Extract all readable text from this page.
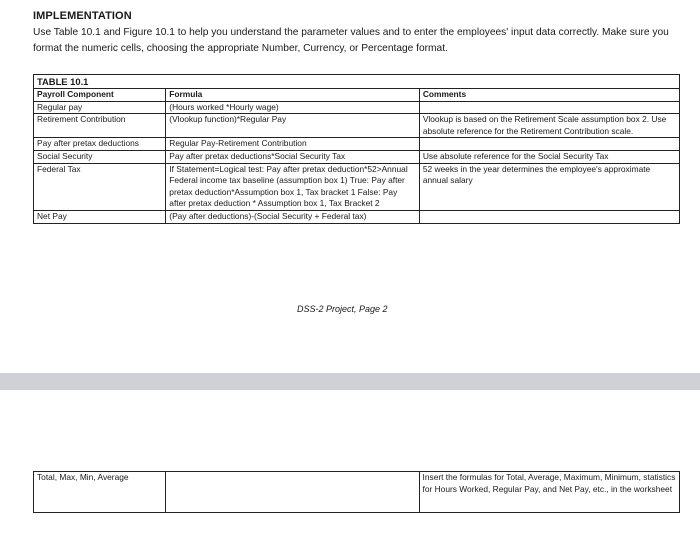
IMPLEMENTATION
Use Table 10.1 and Figure 10.1 to help you understand the parameter values and to enter the employees' input data correctly. Make sure you format the numeric cells, choosing the appropriate Number, Currency, or Percentage format.
TABLE 10.1		
Payroll Component	Formula	Comments
Regular pay	(Hours worked *Hourly wage)	
Retirement Contribution	(Vlookup function)*Regular Pay	Vlookup is based on the Retirement Scale assumption box 2. Use absolute reference for the Retirement Contribution scale.
Pay after pretax deductions	Regular Pay-Retirement Contribution	
Social Security	Pay after pretax deductions*Social Security Tax	Use absolute reference for the Social Security Tax
Federal Tax	If Statement=Logical test: Pay after pretax deduction*52>Annual Federal income tax baseline (assumption box 1) True: Pay after pretax deduction*Assumption box 1, Tax bracket 1 False: Pay after pretax deduction * Assumption box 1, Tax Bracket 2	52 weeks in the year determines the employee's approximate annual salary
Net Pay	(Pay after deductions)-(Social Security + Federal tax)	
DSS-2 Project, Page 2
Total, Max, Min, Average		Insert the formulas for Total, Average, Maximum, Minimum, statistics for Hours Worked, Regular Pay, and Net Pay, etc., in the worksheet
